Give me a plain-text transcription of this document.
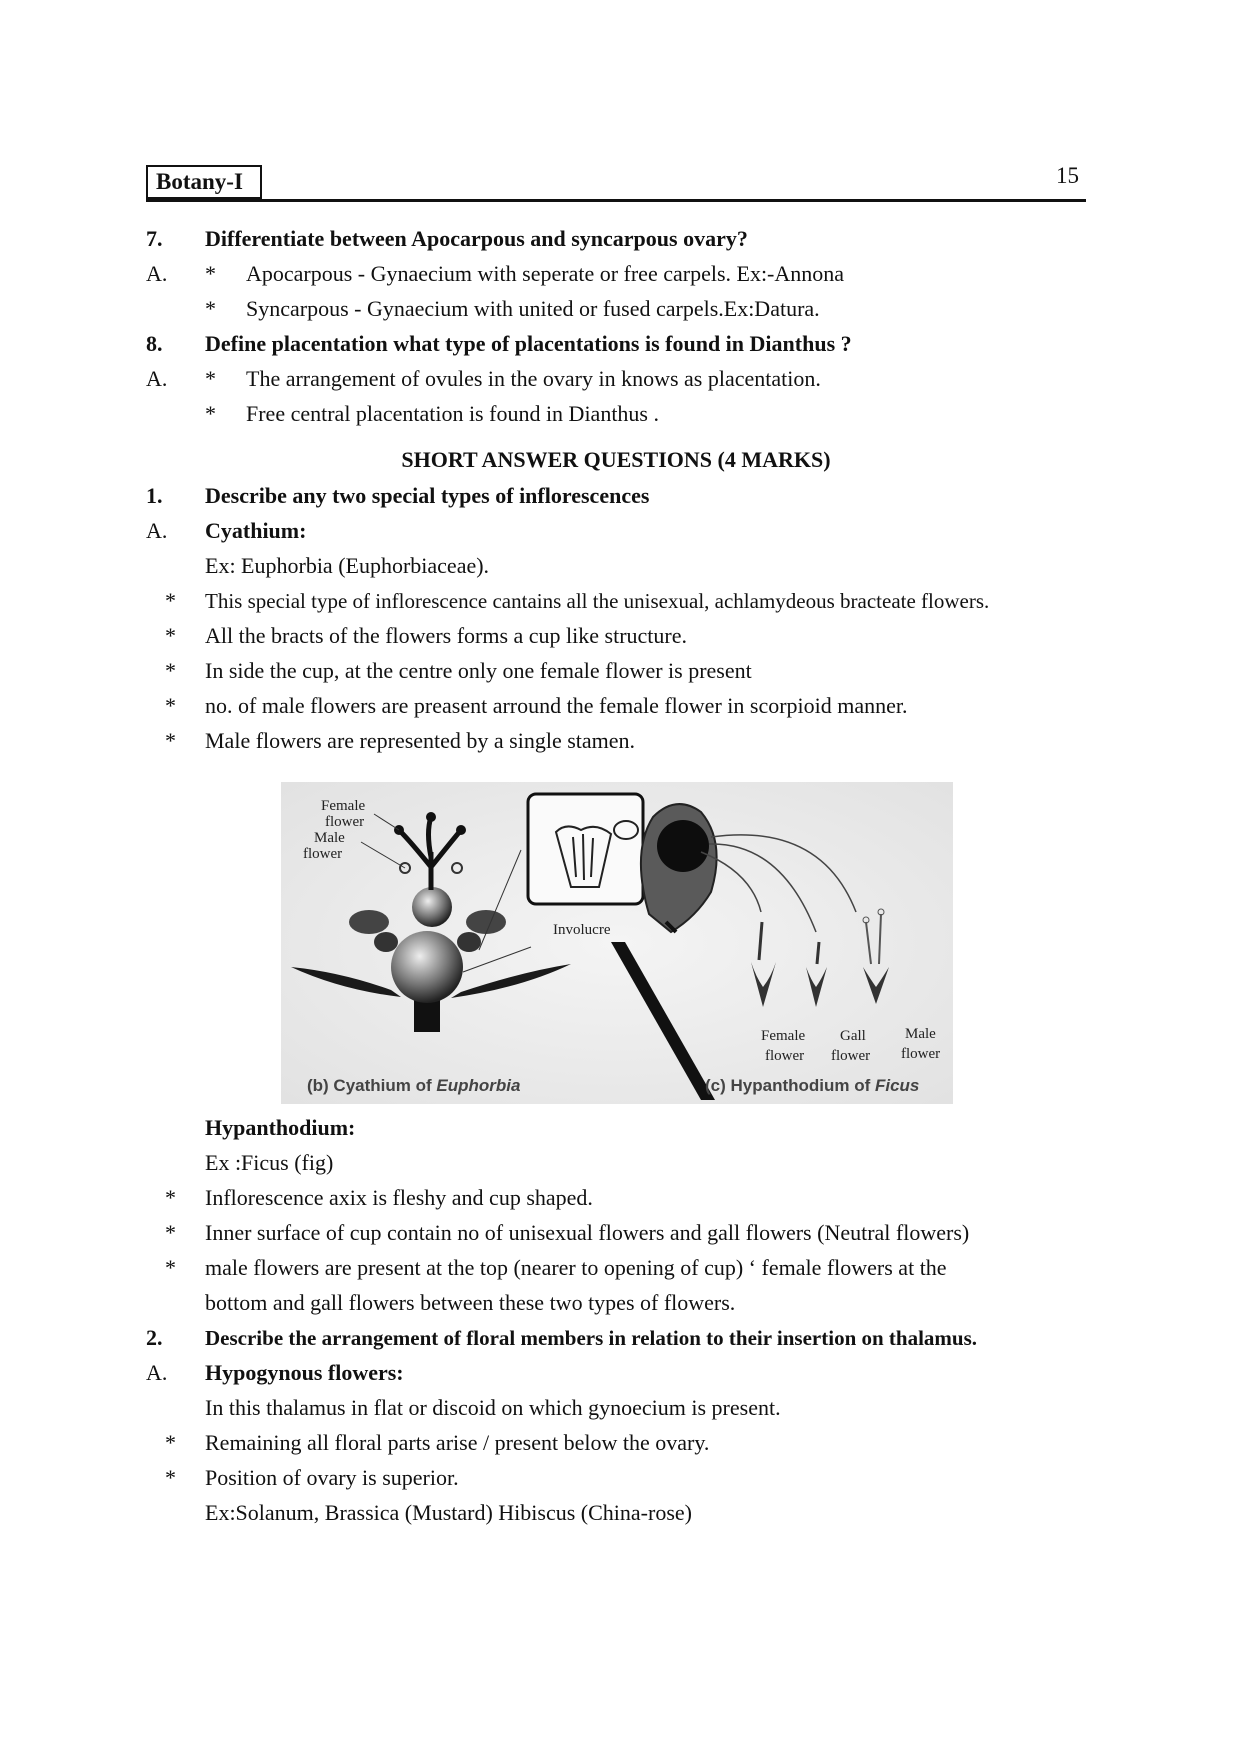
Botany-I	15
7. Differentiate between Apocarpous and syncarpous ovary?
A. * Apocarpous - Gynaecium with seperate or free carpels. Ex:-Annona
* Syncarpous - Gynaecium with united or fused carpels.Ex:Datura.
8. Define placentation what type of placentations is found in Dianthus ?
A. * The arrangement of ovules in the ovary in knows as placentation.
* Free central placentation is found in Dianthus .
SHORT ANSWER QUESTIONS (4 MARKS)
1. Describe any two special types of inflorescences
A. Cyathium:
Ex: Euphorbia (Euphorbiaceae).
* This special type of inflorescence cantains all the unisexual, achlamydeous bracteate flowers.
* All the bracts of the flowers forms a cup like structure.
* In side the cup, at the centre only one female flower is present
* no. of male flowers are preasent arround the female flower in scorpioid manner.
* Male flowers are represented by a single stamen.
Hypanthodium:
Ex :Ficus (fig)
* Inflorescence axix is fleshy and cup shaped.
* Inner surface of cup contain no of unisexual flowers and gall flowers (Neutral flowers)
* male flowers are present at the top (nearer to opening of cup) ‘ female flowers at the
bottom and gall flowers between these two types of flowers.
2. Describe the arrangement of floral members in relation to their insertion on thalamus.
A. Hypogynous flowers:
In this thalamus in flat or discoid on which gynoecium is present.
* Remaining all floral parts arise / present below the ovary.
* Position of ovary is superior.
Ex:Solanum, Brassica (Mustard) Hibiscus (China-rose)
Female
flower
Male
flower
Involucre
Female
flower
Gall
flower
Male
flower
(b) Cyathium of Euphorbia	(c) Hypanthodium of Ficus
